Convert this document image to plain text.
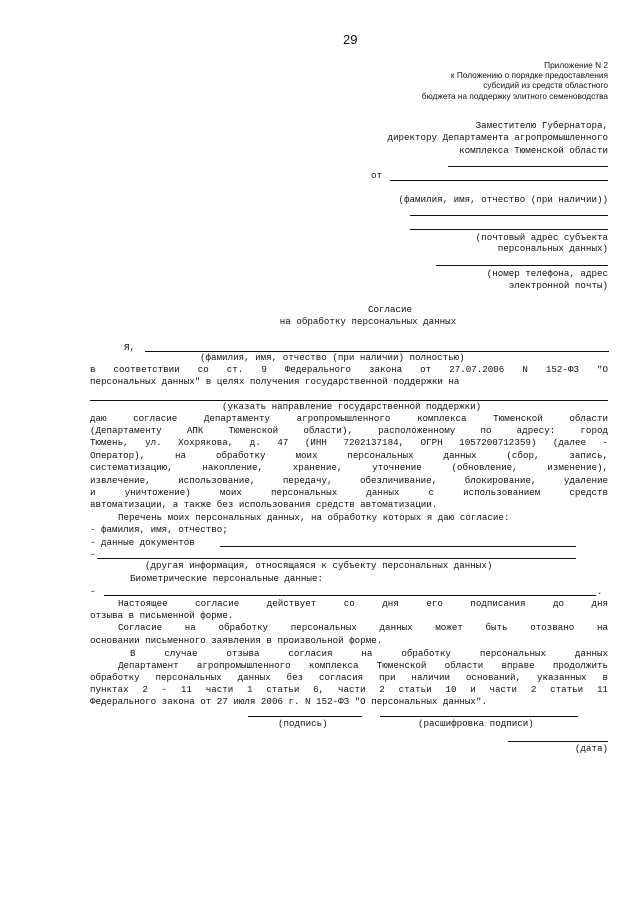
29
Приложение N 2
к Положению о порядке предоставления
субсидий из средств областного
бюджета на поддержку элитного семеноводства
Заместителю Губернатора,
директору Департамента агропромышленного
комплекса Тюменской области
от
(фамилия, имя, отчество (при наличии))
(почтовый адрес субъекта
персональных данных)
(номер телефона, адрес
электронной почты)
Согласие
на обработку персональных данных
Я,
(фамилия, имя, отчество (при наличии) полностью)
в соответствии со ст. 9 Федерального закона от 27.07.2006 N 152-ФЗ "О
персональных данных" в целях получения государственной поддержки на
(указать направление государственной поддержки)
даю согласие Департаменту агропромышленного комплекса Тюменской области
(Департаменту АПК Тюменской области), расположенному по адресу: город
Тюмень, ул. Хохрякова, д. 47 (ИНН 7202137184, ОГРН 1057200712359) (далее -
Оператор), на обработку моих персональных данных (сбор, запись,
систематизацию, накопление, хранение, уточнение (обновление, изменение),
извлечение, использование, передачу, обезличивание, блокирование, удаление
и уничтожение) моих персональных данных с использованием средств
автоматизации, а также без использования средств автоматизации.
Перечень моих персональных данных, на обработку которых я даю согласие:
- фамилия, имя, отчество;
- данные документов
-
(другая информация, относящаяся к субъекту персональных данных)
Биометрические персональные данные:
-	.
Настоящее согласие действует со дня его подписания до дня
отзыва в письменной форме.
Согласие на обработку персональных данных может быть отозвано на
основании письменного заявления в произвольной форме.
В случае отзыва согласия на обработку персональных данных
Департамент агропромышленного комплекса Тюменской области вправе продолжить
обработку персональных данных без согласия при наличии оснований, указанных в
пунктах 2 - 11 части 1 статьи 6, части 2 статьи 10 и части 2 статьи 11
Федерального закона от 27 июля 2006 г. N 152-ФЗ "О персональных данных".
(подпись)	(расшифровка подписи)
(дата)
